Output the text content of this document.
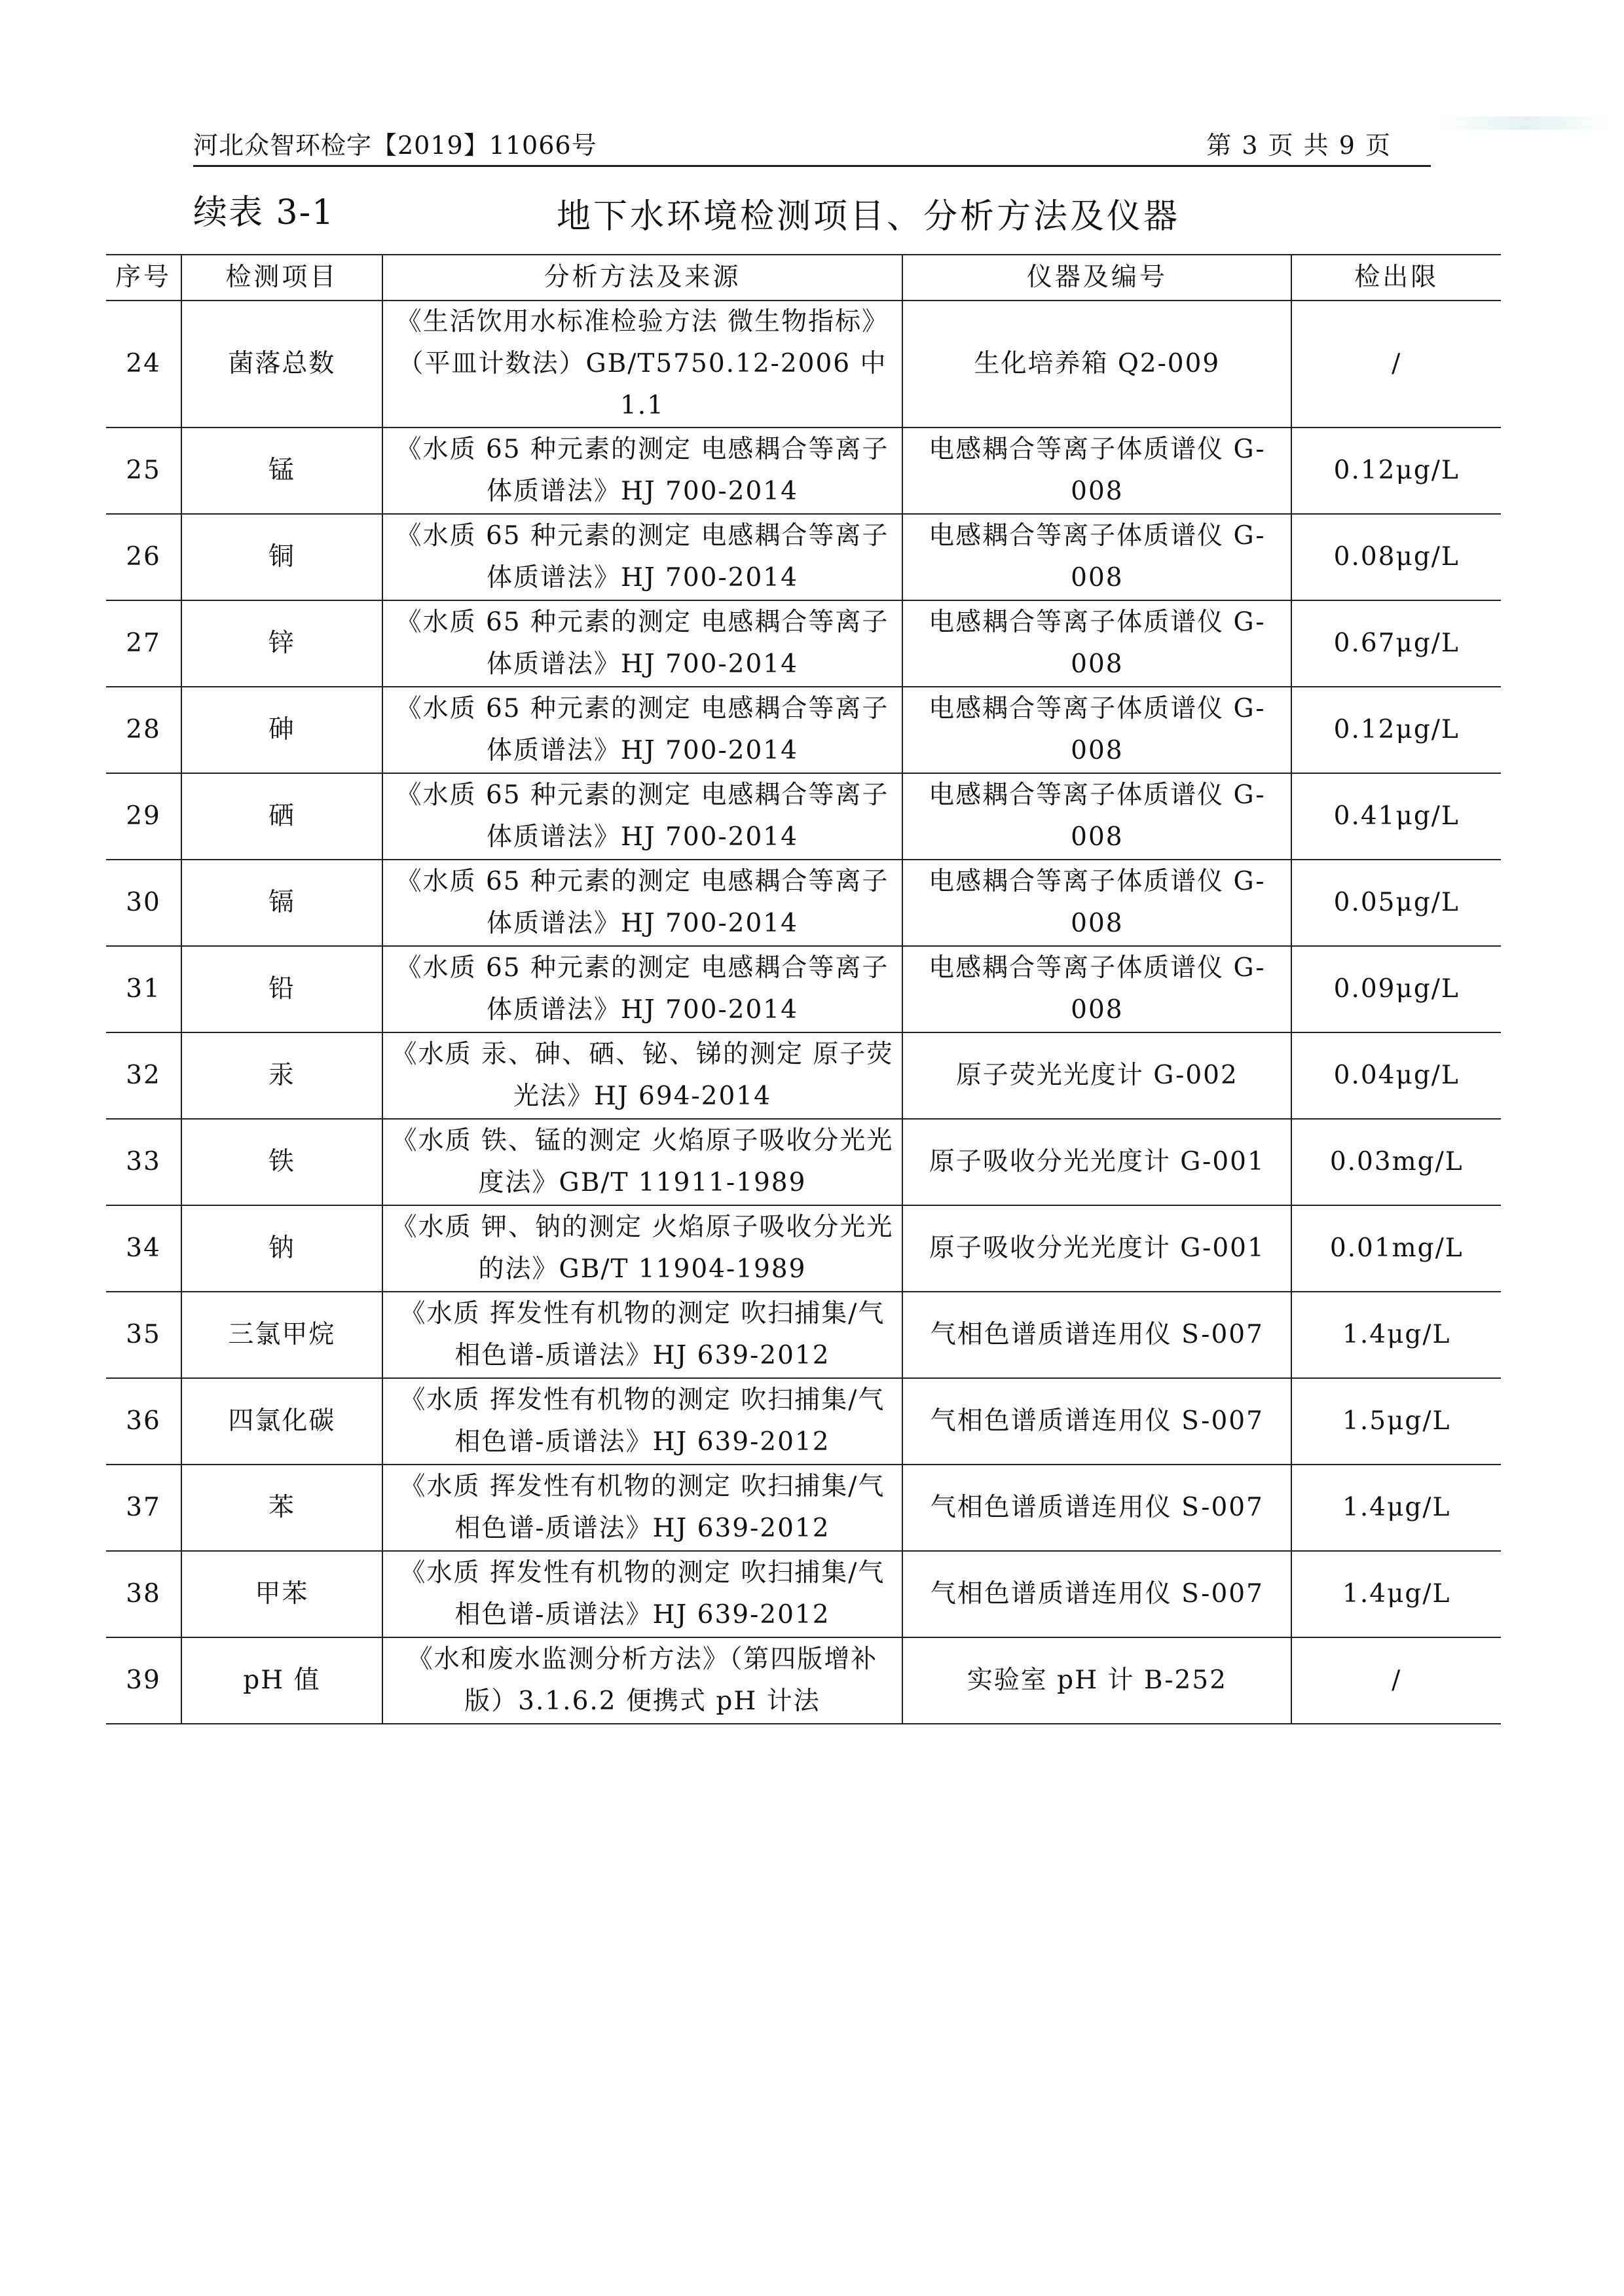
河北众智环检字【2019】11066号	第 3 页 共 9 页
续表 3-1	地下水环境检测项目、分析方法及仪器
序号	检测项目	分析方法及来源	仪器及编号	检出限
24	菌落总数	《生活饮用水标准检验方法 微生物指标》（平皿计数法）GB/T5750.12-2006 中 1.1	生化培养箱 Q2-009	/
25	锰	《水质 65 种元素的测定 电感耦合等离子体质谱法》HJ 700-2014	电感耦合等离子体质谱仪 G-008	0.12μg/L
26	铜	《水质 65 种元素的测定 电感耦合等离子体质谱法》HJ 700-2014	电感耦合等离子体质谱仪 G-008	0.08μg/L
27	锌	《水质 65 种元素的测定 电感耦合等离子体质谱法》HJ 700-2014	电感耦合等离子体质谱仪 G-008	0.67μg/L
28	砷	《水质 65 种元素的测定 电感耦合等离子体质谱法》HJ 700-2014	电感耦合等离子体质谱仪 G-008	0.12μg/L
29	硒	《水质 65 种元素的测定 电感耦合等离子体质谱法》HJ 700-2014	电感耦合等离子体质谱仪 G-008	0.41μg/L
30	镉	《水质 65 种元素的测定 电感耦合等离子体质谱法》HJ 700-2014	电感耦合等离子体质谱仪 G-008	0.05μg/L
31	铅	《水质 65 种元素的测定 电感耦合等离子体质谱法》HJ 700-2014	电感耦合等离子体质谱仪 G-008	0.09μg/L
32	汞	《水质 汞、砷、硒、铋、锑的测定 原子荧光法》HJ 694-2014	原子荧光光度计 G-002	0.04μg/L
33	铁	《水质 铁、锰的测定 火焰原子吸收分光光度法》GB/T 11911-1989	原子吸收分光光度计 G-001	0.03mg/L
34	钠	《水质 钾、钠的测定 火焰原子吸收分光光的法》GB/T 11904-1989	原子吸收分光光度计 G-001	0.01mg/L
35	三氯甲烷	《水质 挥发性有机物的测定 吹扫捕集/气相色谱-质谱法》HJ 639-2012	气相色谱质谱连用仪 S-007	1.4μg/L
36	四氯化碳	《水质 挥发性有机物的测定 吹扫捕集/气相色谱-质谱法》HJ 639-2012	气相色谱质谱连用仪 S-007	1.5μg/L
37	苯	《水质 挥发性有机物的测定 吹扫捕集/气相色谱-质谱法》HJ 639-2012	气相色谱质谱连用仪 S-007	1.4μg/L
38	甲苯	《水质 挥发性有机物的测定 吹扫捕集/气相色谱-质谱法》HJ 639-2012	气相色谱质谱连用仪 S-007	1.4μg/L
39	pH 值	《水和废水监测分析方法》（第四版增补版）3.1.6.2 便携式 pH 计法	实验室 pH 计 B-252	/
